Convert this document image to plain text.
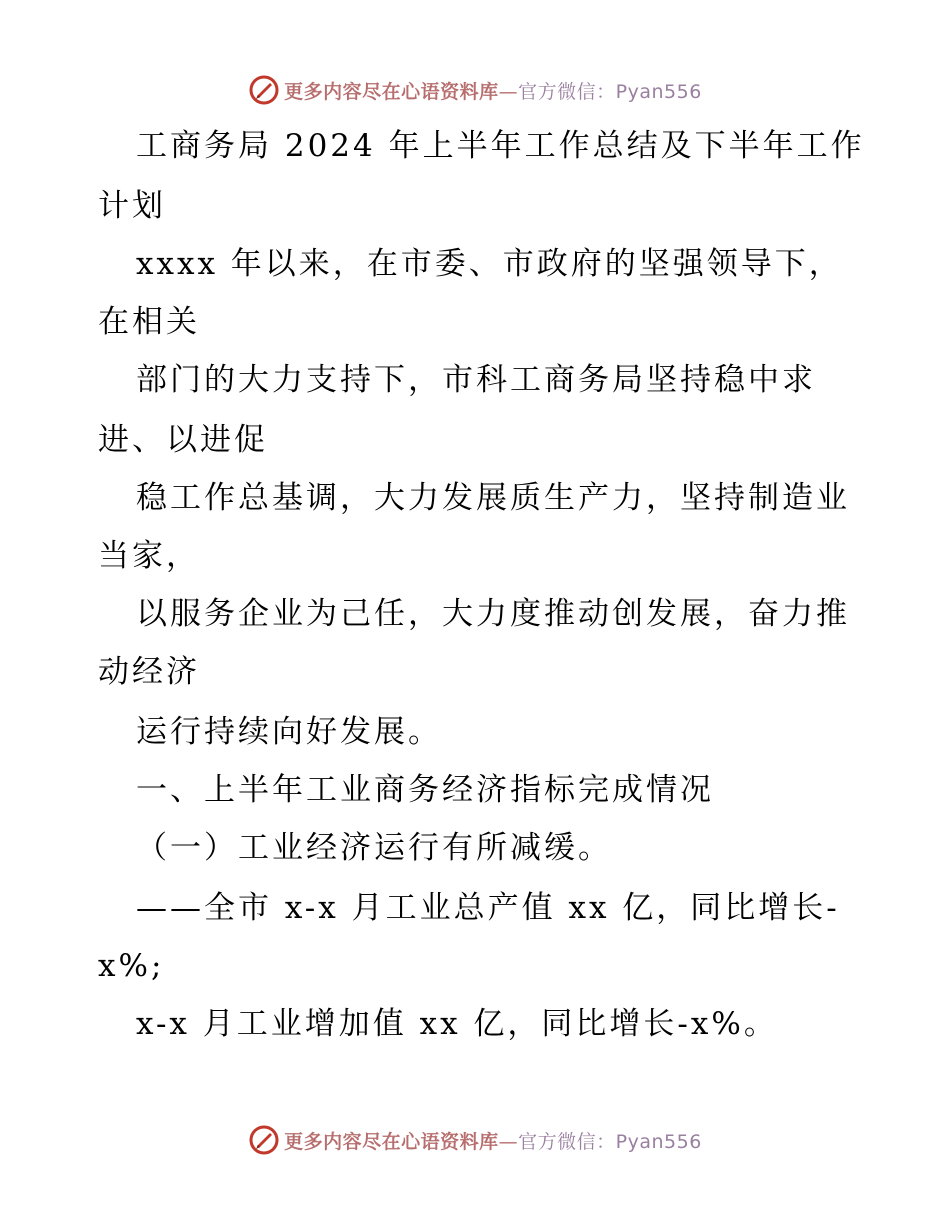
更多内容尽在心语资料库—官方微信：Pyan556
工商务局 2024 年上半年工作总结及下半年工作
计划
xxxx 年以来，在市委、市政府的坚强领导下，
在相关
部门的大力支持下，市科工商务局坚持稳中求
进、以进促
稳工作总基调，大力发展质生产力，坚持制造业
当家，
以服务企业为己任，大力度推动创发展，奋力推
动经济
运行持续向好发展。
一、上半年工业商务经济指标完成情况
（一）工业经济运行有所减缓。
——全市 x-x 月工业总产值 xx 亿，同比增长-
x%;
x-x 月工业增加值 xx 亿，同比增长-x%。
更多内容尽在心语资料库—官方微信：Pyan556
